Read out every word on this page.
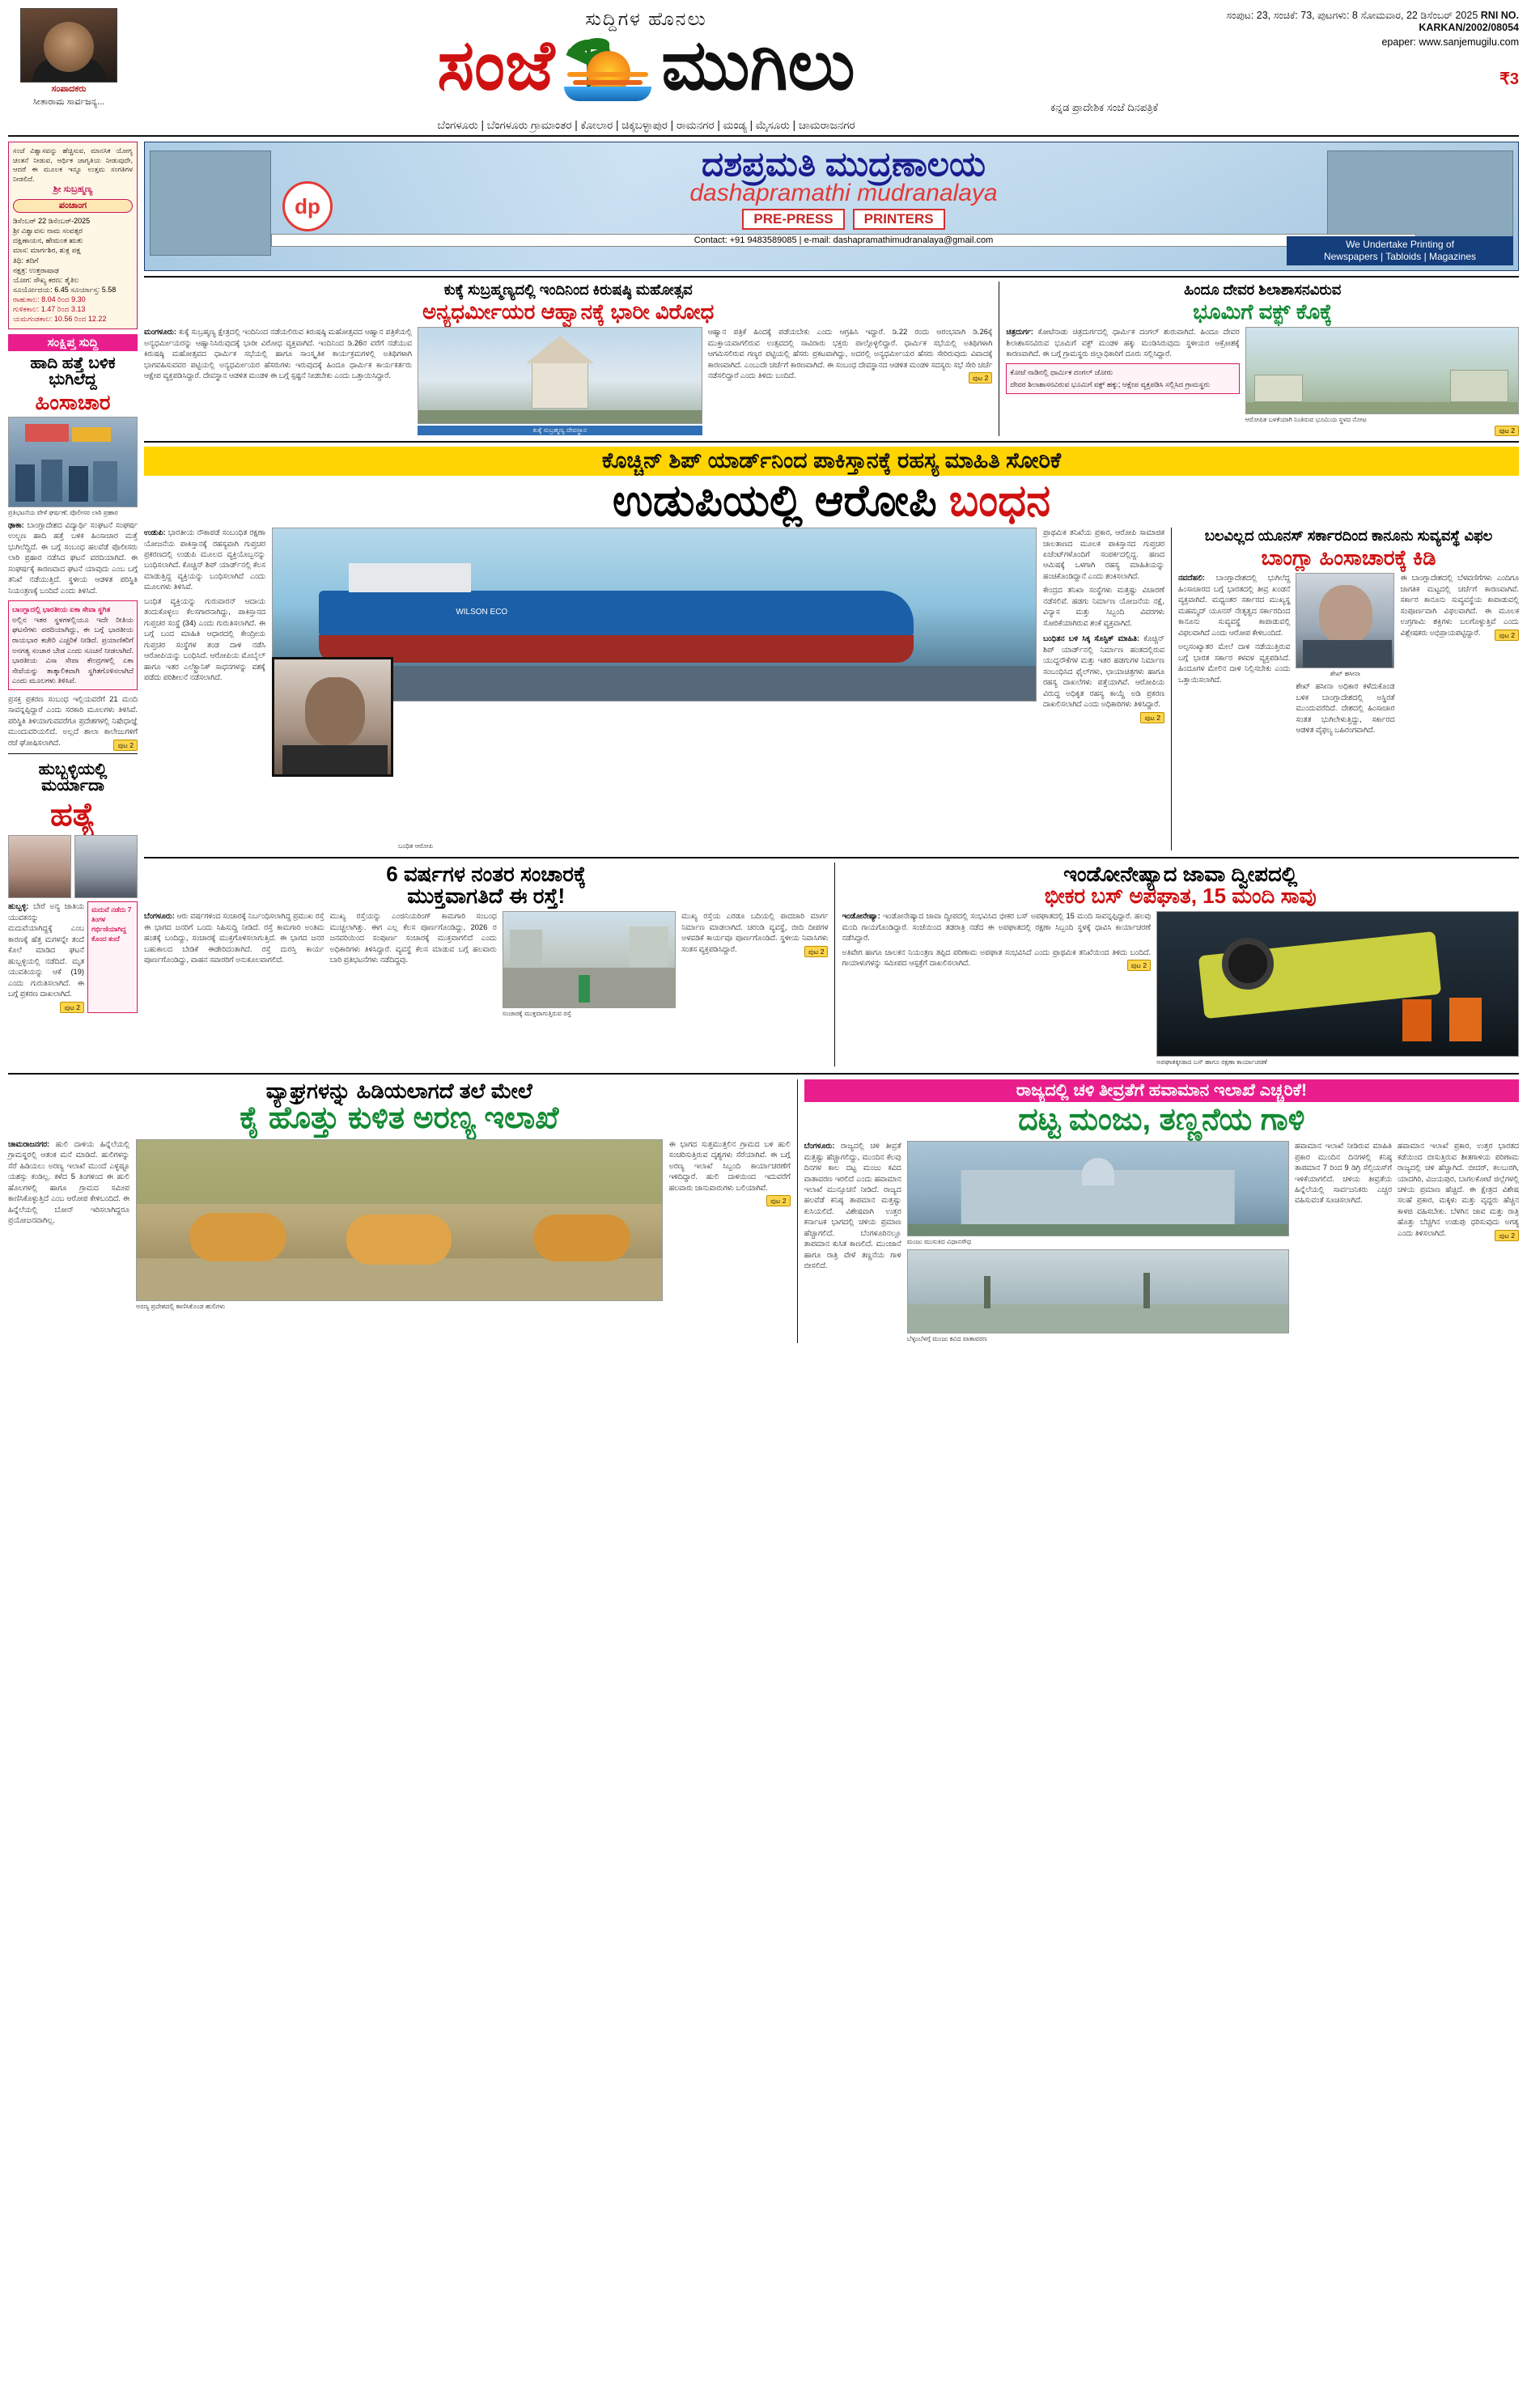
ಸಂಪಾದಕರು
ಸೀತಾರಾಮ ಸಾರ್ವಜನ್ಯ...
ಸುದ್ದಿಗಳ ಹೊನಲು
ಸಂಜೆ ಮುಗಿಲು
ಕನ್ನಡ ಪ್ರಾದೇಶಿಕ ಸಂಜೆ ದಿನಪತ್ರಿಕೆ
ಬೆಂಗಳೂರು | ಬೆಂಗಳೂರು ಗ್ರಾಮಾಂತರ | ಕೋಲಾರ | ಚಿಕ್ಕಬಳ್ಳಾಪುರ | ರಾಮನಗರ | ಮಂಡ್ಯ | ಮೈಸೂರು | ಚಾಮರಾಜನಗರ
ಸಂಪುಟ: 23, ಸಂಚಿಕೆ: 73, ಪುಟಗಳು: 8 ಸೋಮವಾರ, 22 ಡಿಸೆಂಬರ್ 2025 RNI NO. KARKAN/2002/08054
epaper: www.sanjemugilu.com
₹3
ಸಂಜೆ ವಿಶ್ವಾಸವನ್ನು ಹೆಚ್ಚಿಸುವ, ಮಾನಸಿಕ ಯೋಗ್ಯ ಚಿಂತನೆ ನೀಡುವ, ಆರ್ಥಿಕ ಜಾಗೃತಿಯ ನೀಡುವುದೇ, ಆದರೆ ಈ ಮೂಲಕ ಇನ್ನೂ ಉತ್ತಮ ಸಂಗತಿಗಳ ನೀಡಲಿದೆ.
ಶ್ರೀ ಸುಬ್ರಹ್ಮಣ್ಯ
ಪಂಚಾಂಗ
ಡಿಸೆಂಬರ್ 22 ಡಿಸೆಂಬರ್-2025
ಶ್ರೀ ವಿಶ್ವಾವಸು ನಾಮ ಸಂವತ್ಸರ
ದಕ್ಷಿಣಾಯನ, ಹೇಮಂತ ಋತು
ಮಾಸ: ಮಾರ್ಗಶಿರ, ಶುಕ್ಲ ಪಕ್ಷ
ತಿಥಿ: ತದಿಗೆ
ನಕ್ಷತ್ರ: ಉತ್ತರಾಷಾಢ
ಯೋಗ: ಸೌಖ್ಯ ಕರಣ: ತೈತಿಲ
ಸೂರ್ಯೋದಯ: 6.45 ಸೂರ್ಯಾಸ್ತ: 5.58
ರಾಹುಕಾಲ: 8.04 ರಿಂದ 9.30
ಗುಳಿಕಕಾಲ: 1.47 ರಿಂದ 3.13
ಯಮಗಂಡಕಾಲ: 10.56 ರಿಂದ 12.22
ಸಂಕ್ಷಿಪ್ತ ಸುದ್ದಿ
ಹಾದಿ ಹತ್ತೆ ಬಳಿಕ
ಭುಗಿಲೆದ್ದ
ಹಿಂಸಾಚಾರ
ಪ್ರತಿಭಟನೆಯ ವೇಳೆ ಘರ್ಷಣೆ; ಪೊಲೀಸರ ಲಾಠಿ ಪ್ರಹಾರ
ಢಾಕಾ: ಬಾಂಗ್ಲಾದೇಶದ ವಿದ್ಯಾರ್ಥಿ ಸಂಘಟನೆ ಸಂಘರ್ಷ ಉಲ್ಬಣ ಹಾದಿ ಹತ್ತೆ ಬಳಿಕ ಹಿಂಸಾಚಾರ ಮತ್ತೆ ಭುಗಿಲೆದ್ದಿದೆ. ಈ ಬಗ್ಗೆ ಸಂಬಂಧ ಹಲವೆಡೆ ಪೊಲೀಸರು ಲಾಠಿ ಪ್ರಹಾರ ನಡೆಸಿದ ಘಟನೆ ವರದಿಯಾಗಿದೆ. ಈ ಸಂಘರ್ಷಕ್ಕೆ ಕಾರಣವಾದ ಘಟನೆ ಯಾವುದು ಎಂಬ ಬಗ್ಗೆ ತನಿಖೆ ನಡೆಯುತ್ತಿದೆ. ಸ್ಥಳೀಯ ಆಡಳಿತ ಪರಿಸ್ಥಿತಿ ನಿಯಂತ್ರಣಕ್ಕೆ ಬಂದಿದೆ ಎಂದು ತಿಳಿಸಿದೆ.
ಬಾಂಗ್ಲಾದಲ್ಲಿ ಭಾರತೀಯ ಏಕಾ ಸೇವಾ ಸ್ಥಗಿತ
ಅಲ್ಲಿನ ಇತರ ಸ್ಥಳಗಳಲ್ಲಿಯೂ ಇದೇ ರೀತಿಯ ಘಟನೆಗಳು ವರದಿಯಾಗಿದ್ದು, ಈ ಬಗ್ಗೆ ಭಾರತೀಯ ರಾಯಭಾರ ಕಚೇರಿ ಎಚ್ಚರಿಕೆ ನೀಡಿದೆ. ಪ್ರಯಾಣಿಕರಿಗೆ ಅನಗತ್ಯ ಸಂಚಾರ ಬೇಡ ಎಂದು ಸೂಚನೆ ನೀಡಲಾಗಿದೆ. ಭಾರತೀಯ ವಿಸಾ ಸೇವಾ ಕೇಂದ್ರಗಳಲ್ಲಿ ಏಕಾ ಸೇವೆಯನ್ನು ತಾತ್ಕಾಲಿಕವಾಗಿ ಸ್ಥಗಿತಗೊಳಿಸಲಾಗಿದೆ ಎಂದು ಮೂಲಗಳು ತಿಳಿಸಿವೆ.
ಪ್ರಸಕ್ತ ಪ್ರಕರಣ ಸಂಬಂಧ ಇಲ್ಲಿಯವರೆಗೆ 21 ಮಂದಿ ಸಾವನ್ನಪ್ಪಿದ್ದಾರೆ ಎಂದು ಸರಕಾರಿ ಮೂಲಗಳು ತಿಳಿಸಿವೆ. ಪರಿಸ್ಥಿತಿ ತಿಳಿಯಾಗುವವರೆಗೂ ಪ್ರದೇಶಗಳಲ್ಲಿ ನಿಷೇಧಾಜ್ಞೆ ಮುಂದುವರಿಯಲಿದೆ. ಅಲ್ಲದೆ ಶಾಲಾ ಕಾಲೇಜುಗಳಿಗೆ ರಜೆ ಘೋಷಿಸಲಾಗಿದೆ.	ಪುಟ 2
ಹುಬ್ಬಳ್ಳಿಯಲ್ಲಿ
ಮರ್ಯಾದಾ
ಹತ್ಯೆ
ಹುಬ್ಬಳ್ಳಿ: ಬೇರೆ ಅನ್ಯ ಜಾತಿಯ ಯುವಕನನ್ನು ಮದುವೆಯಾಗಿದ್ದಕ್ಕೆ ಎಂಬ ಕಾರಣಕ್ಕೆ ಹೆತ್ತ ಮಗಳನ್ನೇ ತಂದೆ ಕೊಲೆ ಮಾಡಿದ ಘಟನೆ ಹುಬ್ಬಳ್ಳಿಯಲ್ಲಿ ನಡೆದಿದೆ. ಮೃತ ಯುವತಿಯನ್ನು ಆಕೆ (19) ಎಂದು ಗುರುತಿಸಲಾಗಿದೆ. ಈ ಬಗ್ಗೆ ಪ್ರಕರಣ ದಾಖಲಾಗಿದೆ.
ಪುಟ 2
ಮದುವೆ ನಡೆದು 7 ತಿಂಗಳ ಗರ್ಭಿಣಿಯಾಗಿದ್ದ ಕೊಂದ ತಂದೆ
dp
ದಶಪ್ರಮತಿ ಮುದ್ರಣಾಲಯ
dashapramathi mudranalaya
PRE-PRESS	PRINTERS
Contact: +91 9483589085 | e-mail: dashapramathimudranalaya@gmail.com	We Undertake Printing of
Newspapers | Tabloids | Magazines
ಕುಕ್ಕೆ ಸುಬ್ರಹ್ಮಣ್ಯದಲ್ಲಿ ಇಂದಿನಿಂದ ಕಿರುಷಷ್ಠಿ ಮಹೋತ್ಸವ
ಅನ್ಯಧರ್ಮೀಯರ ಆಹ್ವಾನಕ್ಕೆ ಭಾರೀ ವಿರೋಧ
ಮಂಗಳೂರು: ಕುಕ್ಕೆ ಸುಬ್ರಹ್ಮಣ್ಯ ಕ್ಷೇತ್ರದಲ್ಲಿ ಇಂದಿನಿಂದ ನಡೆಯಲಿರುವ ಕಿರುಷಷ್ಠಿ ಮಹೋತ್ಸವದ ಆಹ್ವಾನ ಪತ್ರಿಕೆಯಲ್ಲಿ ಅನ್ಯಧರ್ಮೀಯರನ್ನು ಆಹ್ವಾನಿಸಿರುವುದಕ್ಕೆ ಭಾರೀ ವಿರೋಧ ವ್ಯಕ್ತವಾಗಿದೆ. ಇಂದಿನಿಂದ ಡಿ.26ರ ವರೆಗೆ ನಡೆಯುವ ಕಿರುಷಷ್ಠಿ ಮಹೋತ್ಸವದ ಧಾರ್ಮಿಕ ಸಭೆಯಲ್ಲಿ ಹಾಗೂ ಸಾಂಸ್ಕೃತಿಕ ಕಾರ್ಯಕ್ರಮಗಳಲ್ಲಿ ಅತಿಥಿಗಳಾಗಿ ಭಾಗವಹಿಸುವವರ ಪಟ್ಟಿಯಲ್ಲಿ ಅನ್ಯಧರ್ಮೀಯರ ಹೆಸರುಗಳು ಇರುವುದಕ್ಕೆ ಹಿಂದೂ ಧಾರ್ಮಿಕ ಕಾರ್ಯಕರ್ತರು ಆಕ್ಷೇಪ ವ್ಯಕ್ತಪಡಿಸಿದ್ದಾರೆ. ದೇವಸ್ಥಾನ ಆಡಳಿತ ಮಂಡಳಿ ಈ ಬಗ್ಗೆ ಸ್ಪಷ್ಟನೆ ನೀಡಬೇಕು ಎಂದು ಒತ್ತಾಯಿಸಿದ್ದಾರೆ.
ಕುಕ್ಕೆ ಸುಬ್ರಹ್ಮಣ್ಯ ದೇವಸ್ಥಾನ
ಆಹ್ವಾನ ಪತ್ರಿಕೆ ಹಿಂದಕ್ಕೆ ಪಡೆಯಬೇಕು ಎಂದು ಆಗ್ರಹಿಸಿ ಇದ್ದಾರೆ. ಡಿ.22 ರಂದು ಆರಂಭವಾಗಿ ಡಿ.26ಕ್ಕೆ ಮುಕ್ತಾಯವಾಗಲಿರುವ ಉತ್ಸವದಲ್ಲಿ ಸಾವಿರಾರು ಭಕ್ತರು ಪಾಲ್ಗೊಳ್ಳಲಿದ್ದಾರೆ. ಧಾರ್ಮಿಕ ಸಭೆಯಲ್ಲಿ ಅತಿಥಿಗಳಾಗಿ ಆಗಮಿಸಲಿರುವ ಗಣ್ಯರ ಪಟ್ಟಿಯಲ್ಲಿ ಹೆಸರು ಪ್ರಕಟವಾಗಿದ್ದು, ಅದರಲ್ಲಿ ಅನ್ಯಧರ್ಮೀಯರ ಹೆಸರು ಸೇರಿರುವುದು ವಿವಾದಕ್ಕೆ ಕಾರಣವಾಗಿದೆ. ಎಂಬುದೇ ಚರ್ಚೆಗೆ ಕಾರಣವಾಗಿದೆ. ಈ ಸಂಬಂಧ ದೇವಸ್ಥಾನದ ಆಡಳಿತ ಮಂಡಳಿ ಸದಸ್ಯರು ಸಭೆ ಸೇರಿ ಚರ್ಚೆ ನಡೆಸಲಿದ್ದಾರೆ ಎಂದು ತಿಳಿದು ಬಂದಿದೆ.	ಪುಟ 2
ಹಿಂದೂ ದೇವರ ಶಿಲಾಶಾಸನವಿರುವ
ಭೂಮಿಗೆ ವಕ್ಫ್ ಕೊಕ್ಕೆ
ಚಿತ್ರದುರ್ಗ: ಕೋಟೆನಾಡು ಚಿತ್ರದುರ್ಗದಲ್ಲಿ ಧಾರ್ಮಿಕ ದಂಗಲ್ ಶುರುವಾಗಿದೆ. ಹಿಂದೂ ದೇವರ ಶಿಲಾಶಾಸನವಿರುವ ಭೂಮಿಗೆ ವಕ್ಫ್ ಮಂಡಳಿ ಹಕ್ಕು ಮಂಡಿಸಿರುವುದು ಸ್ಥಳೀಯರ ಆಕ್ರೋಶಕ್ಕೆ ಕಾರಣವಾಗಿದೆ. ಈ ಬಗ್ಗೆ ಗ್ರಾಮಸ್ಥರು ಜಿಲ್ಲಾಧಿಕಾರಿಗೆ ದೂರು ಸಲ್ಲಿಸಿದ್ದಾರೆ.
ಕೋಟೆ ನಾಡಿನಲ್ಲಿ ಧಾರ್ಮಿಕ ದಂಗಲ್ ಜೋರು
ದೇವರ ಶಿಲಾಶಾಸನವಿರುವ ಭೂಮಿಗೆ ವಕ್ಫ್ ಹಕ್ಕು; ಆಕ್ಷೇಪ ವ್ಯಕ್ತಪಡಿಸಿ ಸಲ್ಲಿಸಿದ ಗ್ರಾಮಸ್ಥರು
ಆರೋಪಿತ ಬಳಕೆಯಾಗಿ ನಿಂತಿರುವ ಭೂಮಿಯ ಸ್ಥಳದ ನೋಟ
ಪುಟ 2
ಕೊಚ್ಚಿನ್ ಶಿಪ್ ಯಾರ್ಡ್‌ನಿಂದ ಪಾಕಿಸ್ತಾನಕ್ಕೆ ರಹಸ್ಯ ಮಾಹಿತಿ ಸೋರಿಕೆ
ಉಡುಪಿಯಲ್ಲಿ ಆರೋಪಿ ಬಂಧನ
ಉಡುಪಿ: ಭಾರತೀಯ ನೌಕಾಪಡೆ ಸಂಬಂಧಿತ ರಕ್ಷಣಾ ಯೋಜನೆಯ ಪಾಕಿಸ್ತಾನಕ್ಕೆ ರಹಸ್ಯವಾಗಿ ಗುಪ್ತಚರ ಪ್ರಕರಣದಲ್ಲಿ ಉಡುಪಿ ಮೂಲದ ವ್ಯಕ್ತಿಯೊಬ್ಬನನ್ನು ಬಂಧಿಸಲಾಗಿದೆ. ಕೊಚ್ಚಿನ್ ಶಿಪ್ ಯಾರ್ಡ್‌ನಲ್ಲಿ ಕೆಲಸ ಮಾಡುತ್ತಿದ್ದ ವ್ಯಕ್ತಿಯನ್ನು ಬಂಧಿಸಲಾಗಿದೆ ಎಂದು ಮೂಲಗಳು ತಿಳಿಸಿವೆ.
ಬಂಧಿತ ವ್ಯಕ್ತಿಯನ್ನು ಗುರುವಾರನ್ ಆದಾಯ ತಂದುಕೊಳ್ಳಲು ಕೆಲಸಗಾರನಾಗಿದ್ದು, ಪಾಕಿಸ್ತಾನದ ಗುಪ್ತಚರ ಸಂಸ್ಥೆ (34) ಎಂದು ಗುರುತಿಸಲಾಗಿದೆ. ಈ ಬಗ್ಗೆ ಬಂದ ಮಾಹಿತಿ ಆಧಾರದಲ್ಲಿ ಕೇಂದ್ರೀಯ ಗುಪ್ತಚರ ಸಂಸ್ಥೆಗಳ ತಂಡ ದಾಳಿ ನಡೆಸಿ ಆರೋಪಿಯನ್ನು ಬಂಧಿಸಿದೆ. ಆರೋಪಿಯ ಮೊಬೈಲ್ ಹಾಗೂ ಇತರ ಎಲೆಕ್ಟ್ರಾನಿಕ್ ಸಾಧನಗಳನ್ನು ವಶಕ್ಕೆ ಪಡೆದು ಪರಿಶೀಲನೆ ನಡೆಸಲಾಗಿದೆ.
WILSON ECO
ಬಂಧಿತ ಆರೋಪಿ
ಪ್ರಾಥಮಿಕ ತನಿಖೆಯ ಪ್ರಕಾರ, ಆರೋಪಿ ಸಾಮಾಜಿಕ ಜಾಲತಾಣದ ಮೂಲಕ ಪಾಕಿಸ್ತಾನದ ಗುಪ್ತಚರ ಏಜೆಂಟ್‌ಗಳೊಂದಿಗೆ ಸಂಪರ್ಕದಲ್ಲಿದ್ದ. ಹಣದ ಆಮಿಷಕ್ಕೆ ಒಳಗಾಗಿ ರಹಸ್ಯ ಮಾಹಿತಿಯನ್ನು ಹಂಚಿಕೊಂಡಿದ್ದಾನೆ ಎಂದು ಶಂಕಿಸಲಾಗಿದೆ.
ಕೇಂದ್ರದ ತನಿಖಾ ಸಂಸ್ಥೆಗಳು ಮತ್ತಷ್ಟು ವಿಚಾರಣೆ ನಡೆಸಲಿವೆ. ಹಡಗು ನಿರ್ಮಾಣ ಯೋಜನೆಯ ನಕ್ಷೆ, ವಿನ್ಯಾಸ ಮತ್ತು ಸಿಬ್ಬಂದಿ ವಿವರಗಳು ಸೋರಿಕೆಯಾಗಿರುವ ಶಂಕೆ ವ್ಯಕ್ತವಾಗಿದೆ.
ಬಂಧಿತನ ಬಳಿ ಸಿಕ್ಕ ಸೊಸ್ಟಿಕ್ ಮಾಹಿತಿ: ಕೊಚ್ಚಿನ್ ಶಿಪ್ ಯಾರ್ಡ್‌ನಲ್ಲಿ ನಿರ್ಮಾಣ ಹಂತದಲ್ಲಿರುವ ಯುದ್ಧನೌಕೆಗಳ ಮತ್ತು ಇತರ ಹಡಗುಗಳ ನಿರ್ಮಾಣ ಸಂಬಂಧಿಸಿದ ಫೈಲ್‌ಗಳು, ಛಾಯಾಚಿತ್ರಗಳು ಹಾಗೂ ರಹಸ್ಯ ದಾಖಲೆಗಳು ಪತ್ತೆಯಾಗಿವೆ. ಆರೋಪಿಯ ವಿರುದ್ಧ ಅಧಿಕೃತ ರಹಸ್ಯ ಕಾಯ್ದೆ ಅಡಿ ಪ್ರಕರಣ ದಾಖಲಿಸಲಾಗಿದೆ ಎಂದು ಅಧಿಕಾರಿಗಳು ತಿಳಿಸಿದ್ದಾರೆ.
ಪುಟ 2
ಬಲವಿಲ್ಲದ ಯೂನಸ್ ಸರ್ಕಾರದಿಂದ ಕಾನೂನು ಸುವ್ಯವಸ್ಥೆ ವಿಫಲ
ಬಾಂಗ್ಲಾ ಹಿಂಸಾಚಾರಕ್ಕೆ ಕಿಡಿ
ನವದೆಹಲಿ: ಬಾಂಗ್ಲಾದೇಶದಲ್ಲಿ ಭುಗಿಲೆದ್ದ ಹಿಂಸಾಚಾರದ ಬಗ್ಗೆ ಭಾರತದಲ್ಲಿ ತೀವ್ರ ಖಂಡನೆ ವ್ಯಕ್ತವಾಗಿದೆ. ಮಧ್ಯಂತರ ಸರ್ಕಾರದ ಮುಖ್ಯಸ್ಥ ಮಹಮ್ಮದ್ ಯೂನಸ್ ನೇತೃತ್ವದ ಸರ್ಕಾರದಿಂದ ಕಾನೂನು ಸುವ್ಯವಸ್ಥೆ ಕಾಪಾಡುವಲ್ಲಿ ವಿಫಲವಾಗಿದೆ ಎಂದು ಆರೋಪ ಕೇಳಿಬಂದಿದೆ.
ಅಲ್ಪಸಂಖ್ಯಾತರ ಮೇಲೆ ದಾಳಿ ನಡೆಯುತ್ತಿರುವ ಬಗ್ಗೆ ಭಾರತ ಸರ್ಕಾರ ಕಳವಳ ವ್ಯಕ್ತಪಡಿಸಿದೆ. ಹಿಂದೂಗಳ ಮೇಲಿನ ದಾಳಿ ನಿಲ್ಲಿಸಬೇಕು ಎಂದು ಒತ್ತಾಯಿಸಲಾಗಿದೆ.
ಶೇಖ್ ಹಸೀನಾ
ಶೇಖ್ ಹಸೀನಾ ಅಧಿಕಾರ ಕಳೆದುಕೊಂಡ ಬಳಿಕ ಬಾಂಗ್ಲಾದೇಶದಲ್ಲಿ ಅಸ್ಥಿರತೆ ಮುಂದುವರೆದಿದೆ. ದೇಶದಲ್ಲಿ ಹಿಂಸಾಚಾರ ಸಂತತ ಭುಗಿಲೇಳುತ್ತಿದ್ದು, ಸರ್ಕಾರದ ಆಡಳಿತ ವೈಫಲ್ಯ ಬಹಿರಂಗವಾಗಿದೆ.
ಈ ಬಾಂಗ್ಲಾದೇಶದಲ್ಲಿ ಬೆಳವಣಿಗೆಗಳು ಎಂದಿಗೂ ಜಾಗತಿಕ ಮಟ್ಟದಲ್ಲಿ ಚರ್ಚೆಗೆ ಕಾರಣವಾಗಿವೆ. ಸರ್ಕಾರ ಕಾನೂನು ಸುವ್ಯವಸ್ಥೆಯ ಕಾಪಾಡುವಲ್ಲಿ ಸಂಪೂರ್ಣವಾಗಿ ವಿಫಲವಾಗಿದೆ. ಈ ಮೂಲಕ ಉಗ್ರಗಾಮಿ ಶಕ್ತಿಗಳು ಬಲಗೊಳ್ಳುತ್ತಿವೆ ಎಂದು ವಿಶ್ಲೇಷಕರು ಅಭಿಪ್ರಾಯಪಟ್ಟಿದ್ದಾರೆ.	ಪುಟ 2
6 ವರ್ಷಗಳ ನಂತರ ಸಂಚಾರಕ್ಕೆ
ಮುಕ್ತವಾಗತಿದೆ ಈ ರಸ್ತೆ!
ಬೆಂಗಳೂರು: ಆರು ವರ್ಷಗಳಿಂದ ಸಂಚಾರಕ್ಕೆ ನಿರ್ಬಂಧಿಸಲಾಗಿದ್ದ ಪ್ರಮುಖ ರಸ್ತೆ ಈ ಭಾಗದ ಜನರಿಗೆ ಒಂದು ಸಿಹಿಸುದ್ದಿ ನೀಡಿದೆ. ರಸ್ತೆ ಕಾಮಗಾರಿ ಅಂತಿಮ ಹಂತಕ್ಕೆ ಬಂದಿದ್ದು, ಸಂಚಾರಕ್ಕೆ ಮುಕ್ತಗೊಳಿಸಲಾಗುತ್ತಿದೆ. ಈ ಭಾಗದ ಜನರ ಬಹುಕಾಲದ ಬೇಡಿಕೆ ಈಡೇರಿದಂತಾಗಿದೆ. ರಸ್ತೆ ದುರಸ್ತಿ ಕಾರ್ಯ ಪೂರ್ಣಗೊಂಡಿದ್ದು, ವಾಹನ ಸವಾರರಿಗೆ ಅನುಕೂಲವಾಗಲಿದೆ.
ಮುಖ್ಯ ರಸ್ತೆಯನ್ನು ಎಂಜಿನಿಯರಿಂಗ್ ಕಾಮಗಾರಿ ಸಂಬಂಧ ಮುಚ್ಚಲಾಗಿತ್ತು. ಈಗ ಎಲ್ಲ ಕೆಲಸ ಪೂರ್ಣಗೊಂಡಿದ್ದು, 2026 ರ ಜನವರಿಯಿಂದ ಸಂಪೂರ್ಣ ಸಂಚಾರಕ್ಕೆ ಮುಕ್ತವಾಗಲಿದೆ ಎಂದು ಅಧಿಕಾರಿಗಳು ತಿಳಿಸಿದ್ದಾರೆ. ವ್ಯವಸ್ಥೆ ಕೆಲಸ ಮಾಡುವ ಬಗ್ಗೆ ಹಲವಾರು ಬಾರಿ ಪ್ರತಿಭಟನೆಗಳು ನಡೆದಿದ್ದವು.
ಸಂಚಾರಕ್ಕೆ ಮುಕ್ತವಾಗುತ್ತಿರುವ ರಸ್ತೆ
ಮುಖ್ಯ ರಸ್ತೆಯ ಎರಡೂ ಬದಿಯಲ್ಲಿ ಪಾದಚಾರಿ ಮಾರ್ಗ ನಿರ್ಮಾಣ ಮಾಡಲಾಗಿದೆ. ಚರಂಡಿ ವ್ಯವಸ್ಥೆ, ಬೀದಿ ದೀಪಗಳ ಅಳವಡಿಕೆ ಕಾರ್ಯವೂ ಪೂರ್ಣಗೊಂಡಿದೆ. ಸ್ಥಳೀಯ ನಿವಾಸಿಗಳು ಸಂತಸ ವ್ಯಕ್ತಪಡಿಸಿದ್ದಾರೆ.	ಪುಟ 2
ಇಂಡೋನೇಷ್ಯಾದ ಜಾವಾ ದ್ವೀಪದಲ್ಲಿ
ಭೀಕರ ಬಸ್ ಅಪಘಾತ, 15 ಮಂದಿ ಸಾವು
ಇಂಡೋನೇಷ್ಯಾ: ಇಂಡೋನೇಷ್ಯಾದ ಜಾವಾ ದ್ವೀಪದಲ್ಲಿ ಸಂಭವಿಸಿದ ಭೀಕರ ಬಸ್ ಅಪಘಾತದಲ್ಲಿ 15 ಮಂದಿ ಸಾವನ್ನಪ್ಪಿದ್ದಾರೆ. ಹಲವು ಮಂದಿ ಗಾಯಗೊಂಡಿದ್ದಾರೆ. ಸಂಜೆಯಿಂದ ತಡರಾತ್ರಿ ನಡೆದ ಈ ಅಪಘಾತದಲ್ಲಿ ರಕ್ಷಣಾ ಸಿಬ್ಬಂದಿ ಸ್ಥಳಕ್ಕೆ ಧಾವಿಸಿ ಕಾರ್ಯಾಚರಣೆ ನಡೆಸಿದ್ದಾರೆ.
ಅತಿವೇಗ ಹಾಗೂ ಚಾಲಕನ ನಿಯಂತ್ರಣ ತಪ್ಪಿದ ಪರಿಣಾಮ ಅಪಘಾತ ಸಂಭವಿಸಿದೆ ಎಂದು ಪ್ರಾಥಮಿಕ ತನಿಖೆಯಿಂದ ತಿಳಿದು ಬಂದಿದೆ. ಗಾಯಾಳುಗಳನ್ನು ಸಮೀಪದ ಆಸ್ಪತ್ರೆಗೆ ದಾಖಲಿಸಲಾಗಿದೆ.	ಪುಟ 2
ಅಪಘಾತಕ್ಕೀಡಾದ ಬಸ್ ಹಾಗೂ ರಕ್ಷಣಾ ಕಾರ್ಯಾಚರಣೆ
ವ್ಯಾಘ್ರಗಳನ್ನು ಹಿಡಿಯಲಾಗದೆ ತಲೆ ಮೇಲೆ
ಕೈ ಹೊತ್ತು ಕುಳಿತ ಅರಣ್ಯ ಇಲಾಖೆ
ಚಾಮರಾಜನಗರ: ಹುಲಿ ದಾಳಿಯ ಹಿನ್ನೆಲೆಯಲ್ಲಿ ಗ್ರಾಮಸ್ಥರಲ್ಲಿ ಆತಂಕ ಮನೆ ಮಾಡಿದೆ. ಹುಲಿಗಳನ್ನು ಸೆರೆ ಹಿಡಿಯಲು ಅರಣ್ಯ ಇಲಾಖೆ ಮುಂದೆ ಎಳ್ಳಷ್ಟೂ ಯಶಸ್ಸು ಕಂಡಿಲ್ಲ. ಕಳೆದ 5 ತಿಂಗಳಿಂದ ಈ ಹುಲಿ ಹೊಲಗಳಲ್ಲಿ ಹಾಗೂ ಗ್ರಾಮದ ಸಮೀಪ ಕಾಣಿಸಿಕೊಳ್ಳುತ್ತಿದೆ ಎಂಬ ಆರೋಪ ಕೇಳಿಬಂದಿದೆ. ಈ ಹಿನ್ನೆಲೆಯಲ್ಲಿ ಬೋನ್ ಇರಿಸಲಾಗಿದ್ದರೂ ಪ್ರಯೋಜನವಾಗಿಲ್ಲ.
ಅರಣ್ಯ ಪ್ರದೇಶದಲ್ಲಿ ಕಾಣಿಸಿಕೊಂಡ ಹುಲಿಗಳು
ಈ ಭಾಗದ ಸುತ್ತಮುತ್ತಲಿನ ಗ್ರಾಮದ ಬಳಿ ಹುಲಿ ಸಂಚರಿಸುತ್ತಿರುವ ದೃಶ್ಯಗಳು ಸೆರೆಯಾಗಿವೆ. ಈ ಬಗ್ಗೆ ಅರಣ್ಯ ಇಲಾಖೆ ಸಿಬ್ಬಂದಿ ಕಾರ್ಯಾಚರಣೆಗೆ ಇಳಿದಿದ್ದಾರೆ. ಹುಲಿ ದಾಳಿಯಿಂದ ಇದುವರೆಗೆ ಹಲವಾರು ಜಾನುವಾರುಗಳು ಬಲಿಯಾಗಿವೆ.
ಪುಟ 2
ರಾಜ್ಯದಲ್ಲಿ ಚಳಿ ತೀವ್ರತೆಗೆ ಹವಾಮಾನ ಇಲಾಖೆ ಎಚ್ಚರಿಕೆ!
ದಟ್ಟ ಮಂಜು, ತಣ್ಣನೆಯ ಗಾಳಿ
ಬೆಂಗಳೂರು: ರಾಜ್ಯದಲ್ಲಿ ಚಳಿ ತೀವ್ರತೆ ಮತ್ತಷ್ಟು ಹೆಚ್ಚಾಗಲಿದ್ದು, ಮುಂದಿನ ಕೆಲವು ದಿನಗಳ ಕಾಲ ದಟ್ಟ ಮಂಜು ಕವಿದ ವಾತಾವರಣ ಇರಲಿದೆ ಎಂದು ಹವಾಮಾನ ಇಲಾಖೆ ಮುನ್ಸೂಚನೆ ನೀಡಿದೆ. ರಾಜ್ಯದ ಹಲವೆಡೆ ಕನಿಷ್ಠ ತಾಪಮಾನ ಮತ್ತಷ್ಟು ಕುಸಿಯಲಿದೆ. ವಿಶೇಷವಾಗಿ ಉತ್ತರ ಕರ್ನಾಟಕ ಭಾಗದಲ್ಲಿ ಚಳಿಯ ಪ್ರಮಾಣ ಹೆಚ್ಚಾಗಲಿದೆ. ಬೆಂಗಳೂರಿನಲ್ಲೂ ತಾಪಮಾನ ಕುಸಿತ ಕಾಣಲಿದೆ. ಮುಂಜಾನೆ ಹಾಗೂ ರಾತ್ರಿ ವೇಳೆ ತಣ್ಣನೆಯ ಗಾಳಿ ಬೀಸಲಿದೆ.
ಮಂಜು ಮುಸುಕಿದ ವಿಧಾನಸೌಧ
ಬೆಳ್ಳಂಬೆಳಗ್ಗೆ ಮಂಜು ಕವಿದ ವಾತಾವರಣ
ಹವಾಮಾನ ಇಲಾಖೆ ನೀಡಿರುವ ಮಾಹಿತಿ ಪ್ರಕಾರ ಮುಂದಿನ ದಿನಗಳಲ್ಲಿ ಕನಿಷ್ಠ ತಾಪಮಾನ 7 ರಿಂದ 9 ಡಿಗ್ರಿ ಸೆಲ್ಸಿಯಸ್‌ಗೆ ಇಳಿಕೆಯಾಗಲಿದೆ. ಚಳಿಯ ತೀವ್ರತೆಯ ಹಿನ್ನೆಲೆಯಲ್ಲಿ ಸಾರ್ವಜನಿಕರು ಎಚ್ಚರ ವಹಿಸುವಂತೆ ಸೂಚಿಸಲಾಗಿದೆ.
ಹವಾಮಾನ ಇಲಾಖೆ ಪ್ರಕಾರ, ಉತ್ತರ ಭಾರತದ ಕಡೆಯಿಂದ ಬೀಸುತ್ತಿರುವ ಶೀತಗಾಳಿಯ ಪರಿಣಾಮ ರಾಜ್ಯದಲ್ಲಿ ಚಳಿ ಹೆಚ್ಚಾಗಿದೆ. ಬೀದರ್, ಕಲಬುರಗಿ, ಯಾದಗಿರಿ, ವಿಜಯಪುರ, ಬಾಗಲಕೋಟೆ ಜಿಲ್ಲೆಗಳಲ್ಲಿ ಚಳಿಯ ಪ್ರಮಾಣ ಹೆಚ್ಚಿದೆ. ಈ ಕ್ಷೇತ್ರದ ವಿಶೇಷ ಸಲಹೆ ಪ್ರಕಾರ, ಮಕ್ಕಳು ಮತ್ತು ವೃದ್ಧರು ಹೆಚ್ಚಿನ ಕಾಳಜಿ ವಹಿಸಬೇಕು. ಬೆಳಗಿನ ಜಾವ ಮತ್ತು ರಾತ್ರಿ ಹೊತ್ತು ಬೆಚ್ಚಗಿನ ಉಡುಪು ಧರಿಸುವುದು ಅಗತ್ಯ ಎಂದು ತಿಳಿಸಲಾಗಿದೆ.	ಪುಟ 2
